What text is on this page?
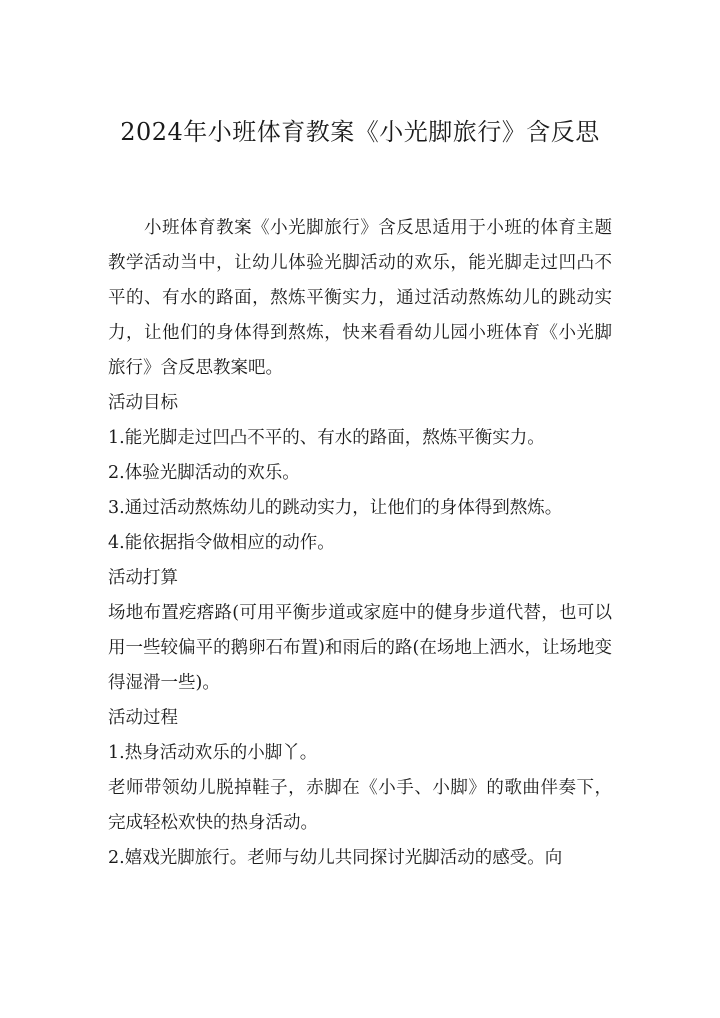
2024年小班体育教案《小光脚旅行》含反思

小班体育教案《小光脚旅行》含反思适用于小班的体育主题教学活动当中，让幼儿体验光脚活动的欢乐，能光脚走过凹凸不平的、有水的路面，熬炼平衡实力，通过活动熬炼幼儿的跳动实力，让他们的身体得到熬炼，快来看看幼儿园小班体育《小光脚旅行》含反思教案吧。

活动目标

1.能光脚走过凹凸不平的、有水的路面，熬炼平衡实力。

2.体验光脚活动的欢乐。

3.通过活动熬炼幼儿的跳动实力，让他们的身体得到熬炼。

4.能依据指令做相应的动作。

活动打算

场地布置疙瘩路(可用平衡步道或家庭中的健身步道代替，也可以用一些较偏平的鹅卵石布置)和雨后的路(在场地上洒水，让场地变得湿滑一些)。

活动过程

1.热身活动欢乐的小脚丫。

老师带领幼儿脱掉鞋子，赤脚在《小手、小脚》的歌曲伴奏下，完成轻松欢快的热身活动。

2.嬉戏光脚旅行。老师与幼儿共同探讨光脚活动的感受。向
